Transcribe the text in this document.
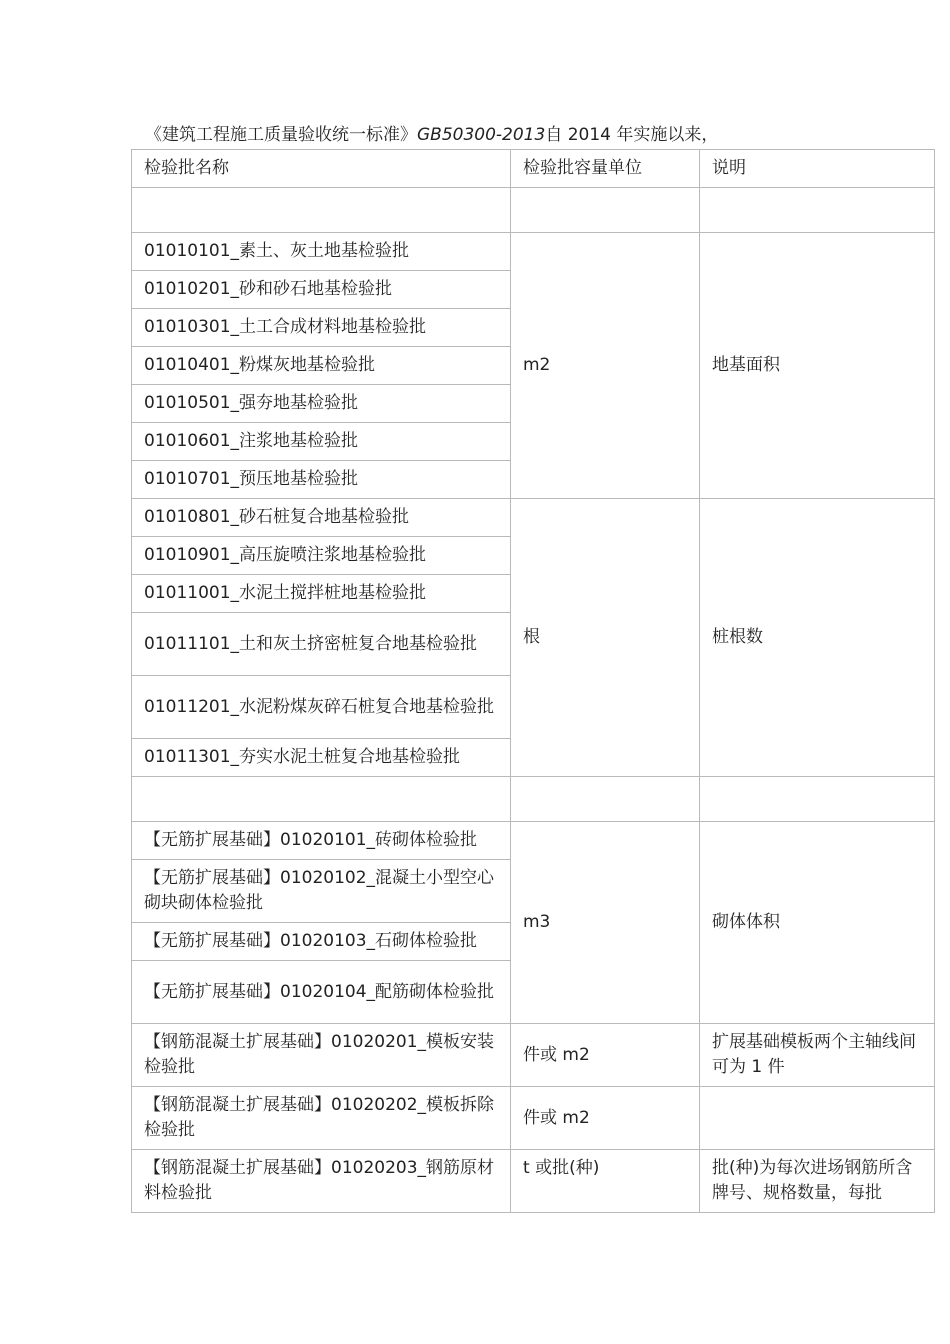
《建筑工程施工质量验收统一标准》GB50300-2013自 2014 年实施以来，
检验批名称	检验批容量单位	说明

01010101_素土、灰土地基检验批	m2	地基面积
01010201_砂和砂石地基检验批		
01010301_土工合成材料地基检验批		
01010401_粉煤灰地基检验批		
01010501_强夯地基检验批		
01010601_注浆地基检验批		
01010701_预压地基检验批		
01010801_砂石桩复合地基检验批	根	桩根数
01010901_高压旋喷注浆地基检验批		
01011001_水泥土搅拌桩地基检验批		
01011101_土和灰土挤密桩复合地基检验批		
01011201_水泥粉煤灰碎石桩复合地基检验批		
01011301_夯实水泥土桩复合地基检验批		

【无筋扩展基础】01020101_砖砌体检验批	m3	砌体体积
【无筋扩展基础】01020102_混凝土小型空心砌块砌体检验批		
【无筋扩展基础】01020103_石砌体检验批		
【无筋扩展基础】01020104_配筋砌体检验批		
【钢筋混凝土扩展基础】01020201_模板安装检验批	件或 m2	扩展基础模板两个主轴线间可为 1 件
【钢筋混凝土扩展基础】01020202_模板拆除检验批	件或 m2	
【钢筋混凝土扩展基础】01020203_钢筋原材料检验批	t 或批(种)	批(种)为每次进场钢筋所含牌号、规格数量，每批
